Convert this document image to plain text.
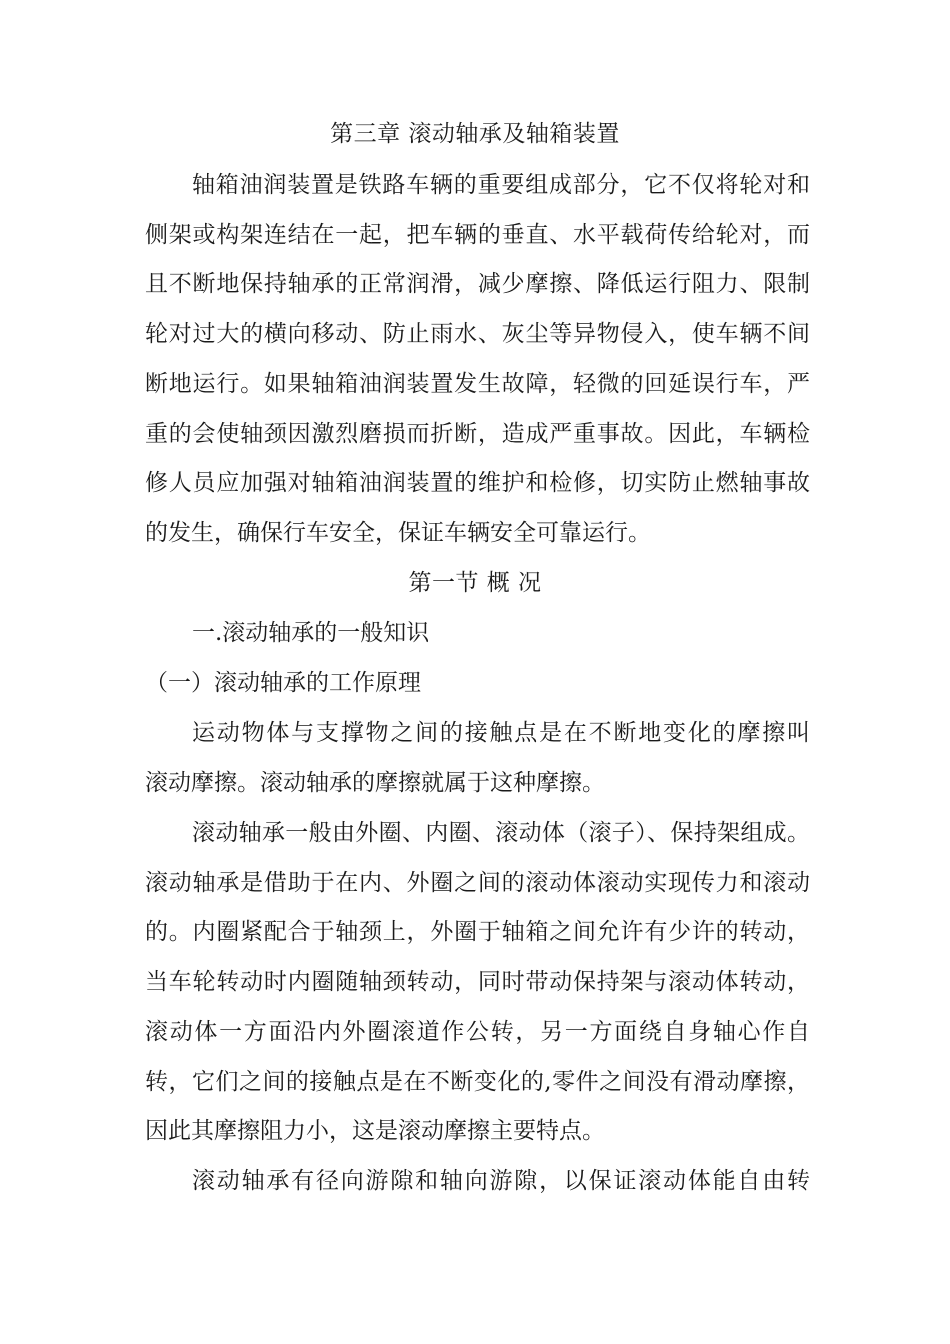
第三章 滚动轴承及轴箱装置
轴箱油润装置是铁路车辆的重要组成部分，它不仅将轮对和
侧架或构架连结在一起，把车辆的垂直、水平载荷传给轮对，而
且不断地保持轴承的正常润滑，减少摩擦、降低运行阻力、限制
轮对过大的横向移动、防止雨水、灰尘等异物侵入，使车辆不间
断地运行。如果轴箱油润装置发生故障，轻微的回延误行车，严
重的会使轴颈因激烈磨损而折断，造成严重事故。因此，车辆检
修人员应加强对轴箱油润装置的维护和检修，切实防止燃轴事故
的发生，确保行车安全，保证车辆安全可靠运行。
第一节 概 况
一.滚动轴承的一般知识
（一）滚动轴承的工作原理
运动物体与支撑物之间的接触点是在不断地变化的摩擦叫
滚动摩擦。滚动轴承的摩擦就属于这种摩擦。
滚动轴承一般由外圈、内圈、滚动体（滚子）、保持架组成。
滚动轴承是借助于在内、外圈之间的滚动体滚动实现传力和滚动
的。内圈紧配合于轴颈上，外圈于轴箱之间允许有少许的转动，
当车轮转动时内圈随轴颈转动，同时带动保持架与滚动体转动，
滚动体一方面沿内外圈滚道作公转，另一方面绕自身轴心作自
转，它们之间的接触点是在不断变化的,零件之间没有滑动摩擦，
因此其摩擦阻力小，这是滚动摩擦主要特点。
滚动轴承有径向游隙和轴向游隙，以保证滚动体能自由转
